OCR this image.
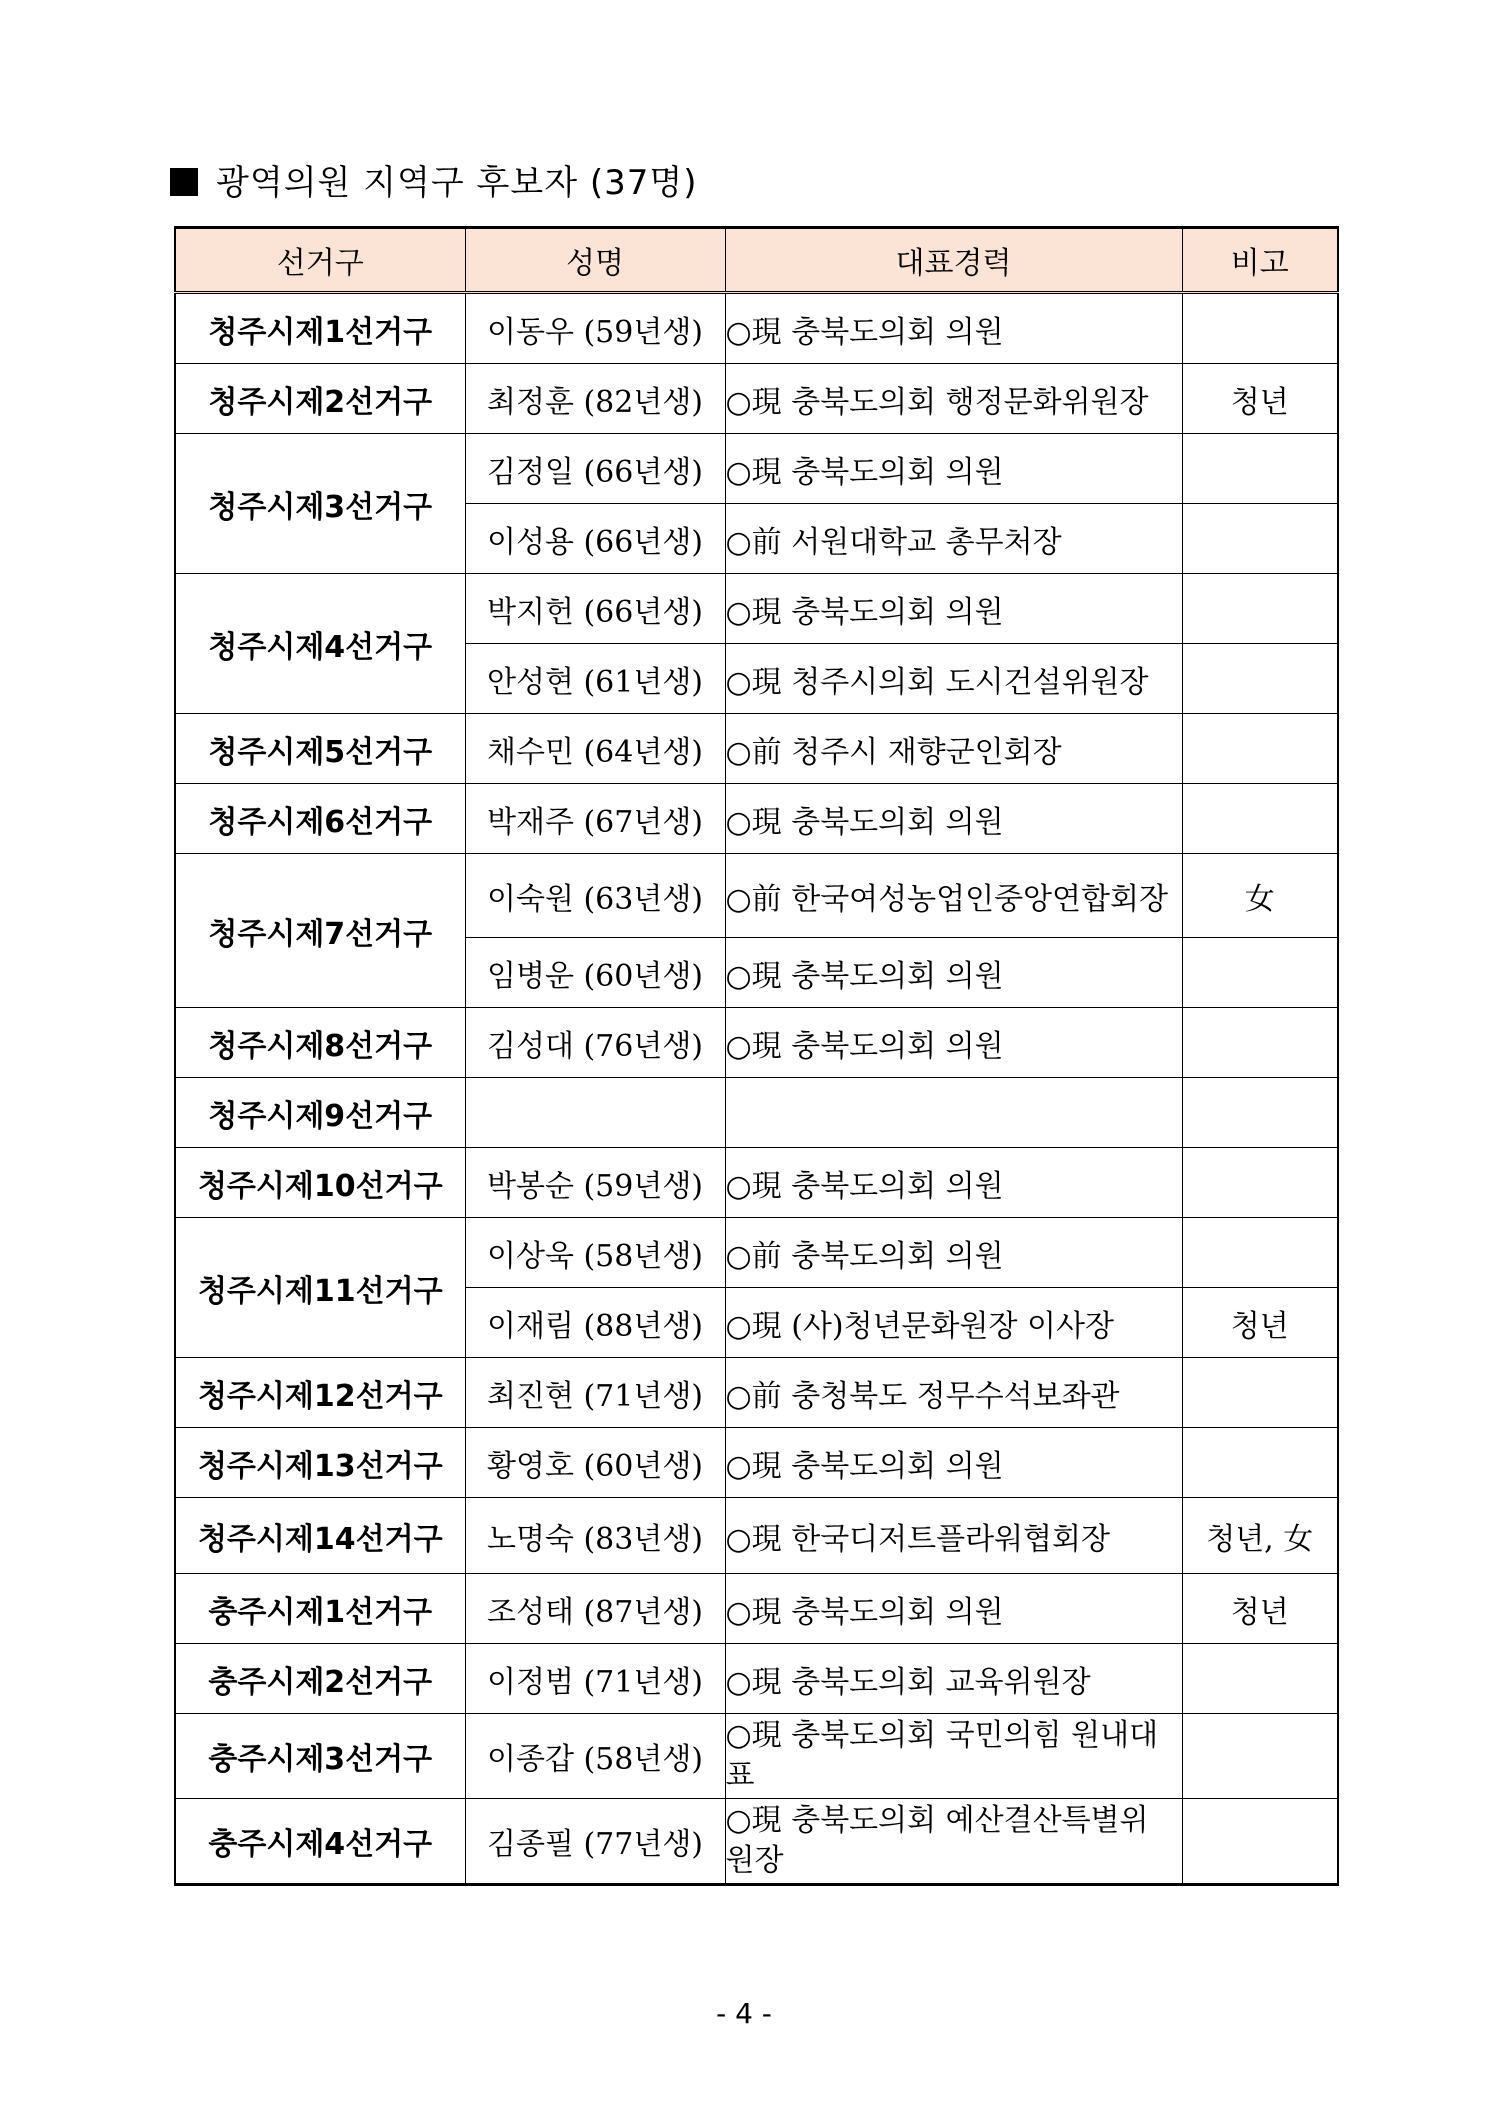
광역의원 지역구 후보자 (37명)
선거구	성명	대표경력	비고
청주시제1선거구	이동우 (59년생)	○現 충북도의회 의원	
청주시제2선거구	최정훈 (82년생)	○現 충북도의회 행정문화위원장	청년
청주시제3선거구	김정일 (66년생)	○現 충북도의회 의원	
	이성용 (66년생)	○前 서원대학교 총무처장	
청주시제4선거구	박지헌 (66년생)	○現 충북도의회 의원	
	안성현 (61년생)	○現 청주시의회 도시건설위원장	
청주시제5선거구	채수민 (64년생)	○前 청주시 재향군인회장	
청주시제6선거구	박재주 (67년생)	○現 충북도의회 의원	
청주시제7선거구	이숙원 (63년생)	○前 한국여성농업인중앙연합회장	女
	임병운 (60년생)	○現 충북도의회 의원	
청주시제8선거구	김성대 (76년생)	○現 충북도의회 의원	
청주시제9선거구			
청주시제10선거구	박봉순 (59년생)	○現 충북도의회 의원	
청주시제11선거구	이상욱 (58년생)	○前 충북도의회 의원	
	이재림 (88년생)	○現 (사)청년문화원장 이사장	청년
청주시제12선거구	최진현 (71년생)	○前 충청북도 정무수석보좌관	
청주시제13선거구	황영호 (60년생)	○現 충북도의회 의원	
청주시제14선거구	노명숙 (83년생)	○現 한국디저트플라워협회장	청년, 女
충주시제1선거구	조성태 (87년생)	○現 충북도의회 의원	청년
충주시제2선거구	이정범 (71년생)	○現 충북도의회 교육위원장	
충주시제3선거구	이종갑 (58년생)	○現 충북도의회 국민의힘 원내대표	
충주시제4선거구	김종필 (77년생)	○現 충북도의회 예산결산특별위원장	
- 4 -
